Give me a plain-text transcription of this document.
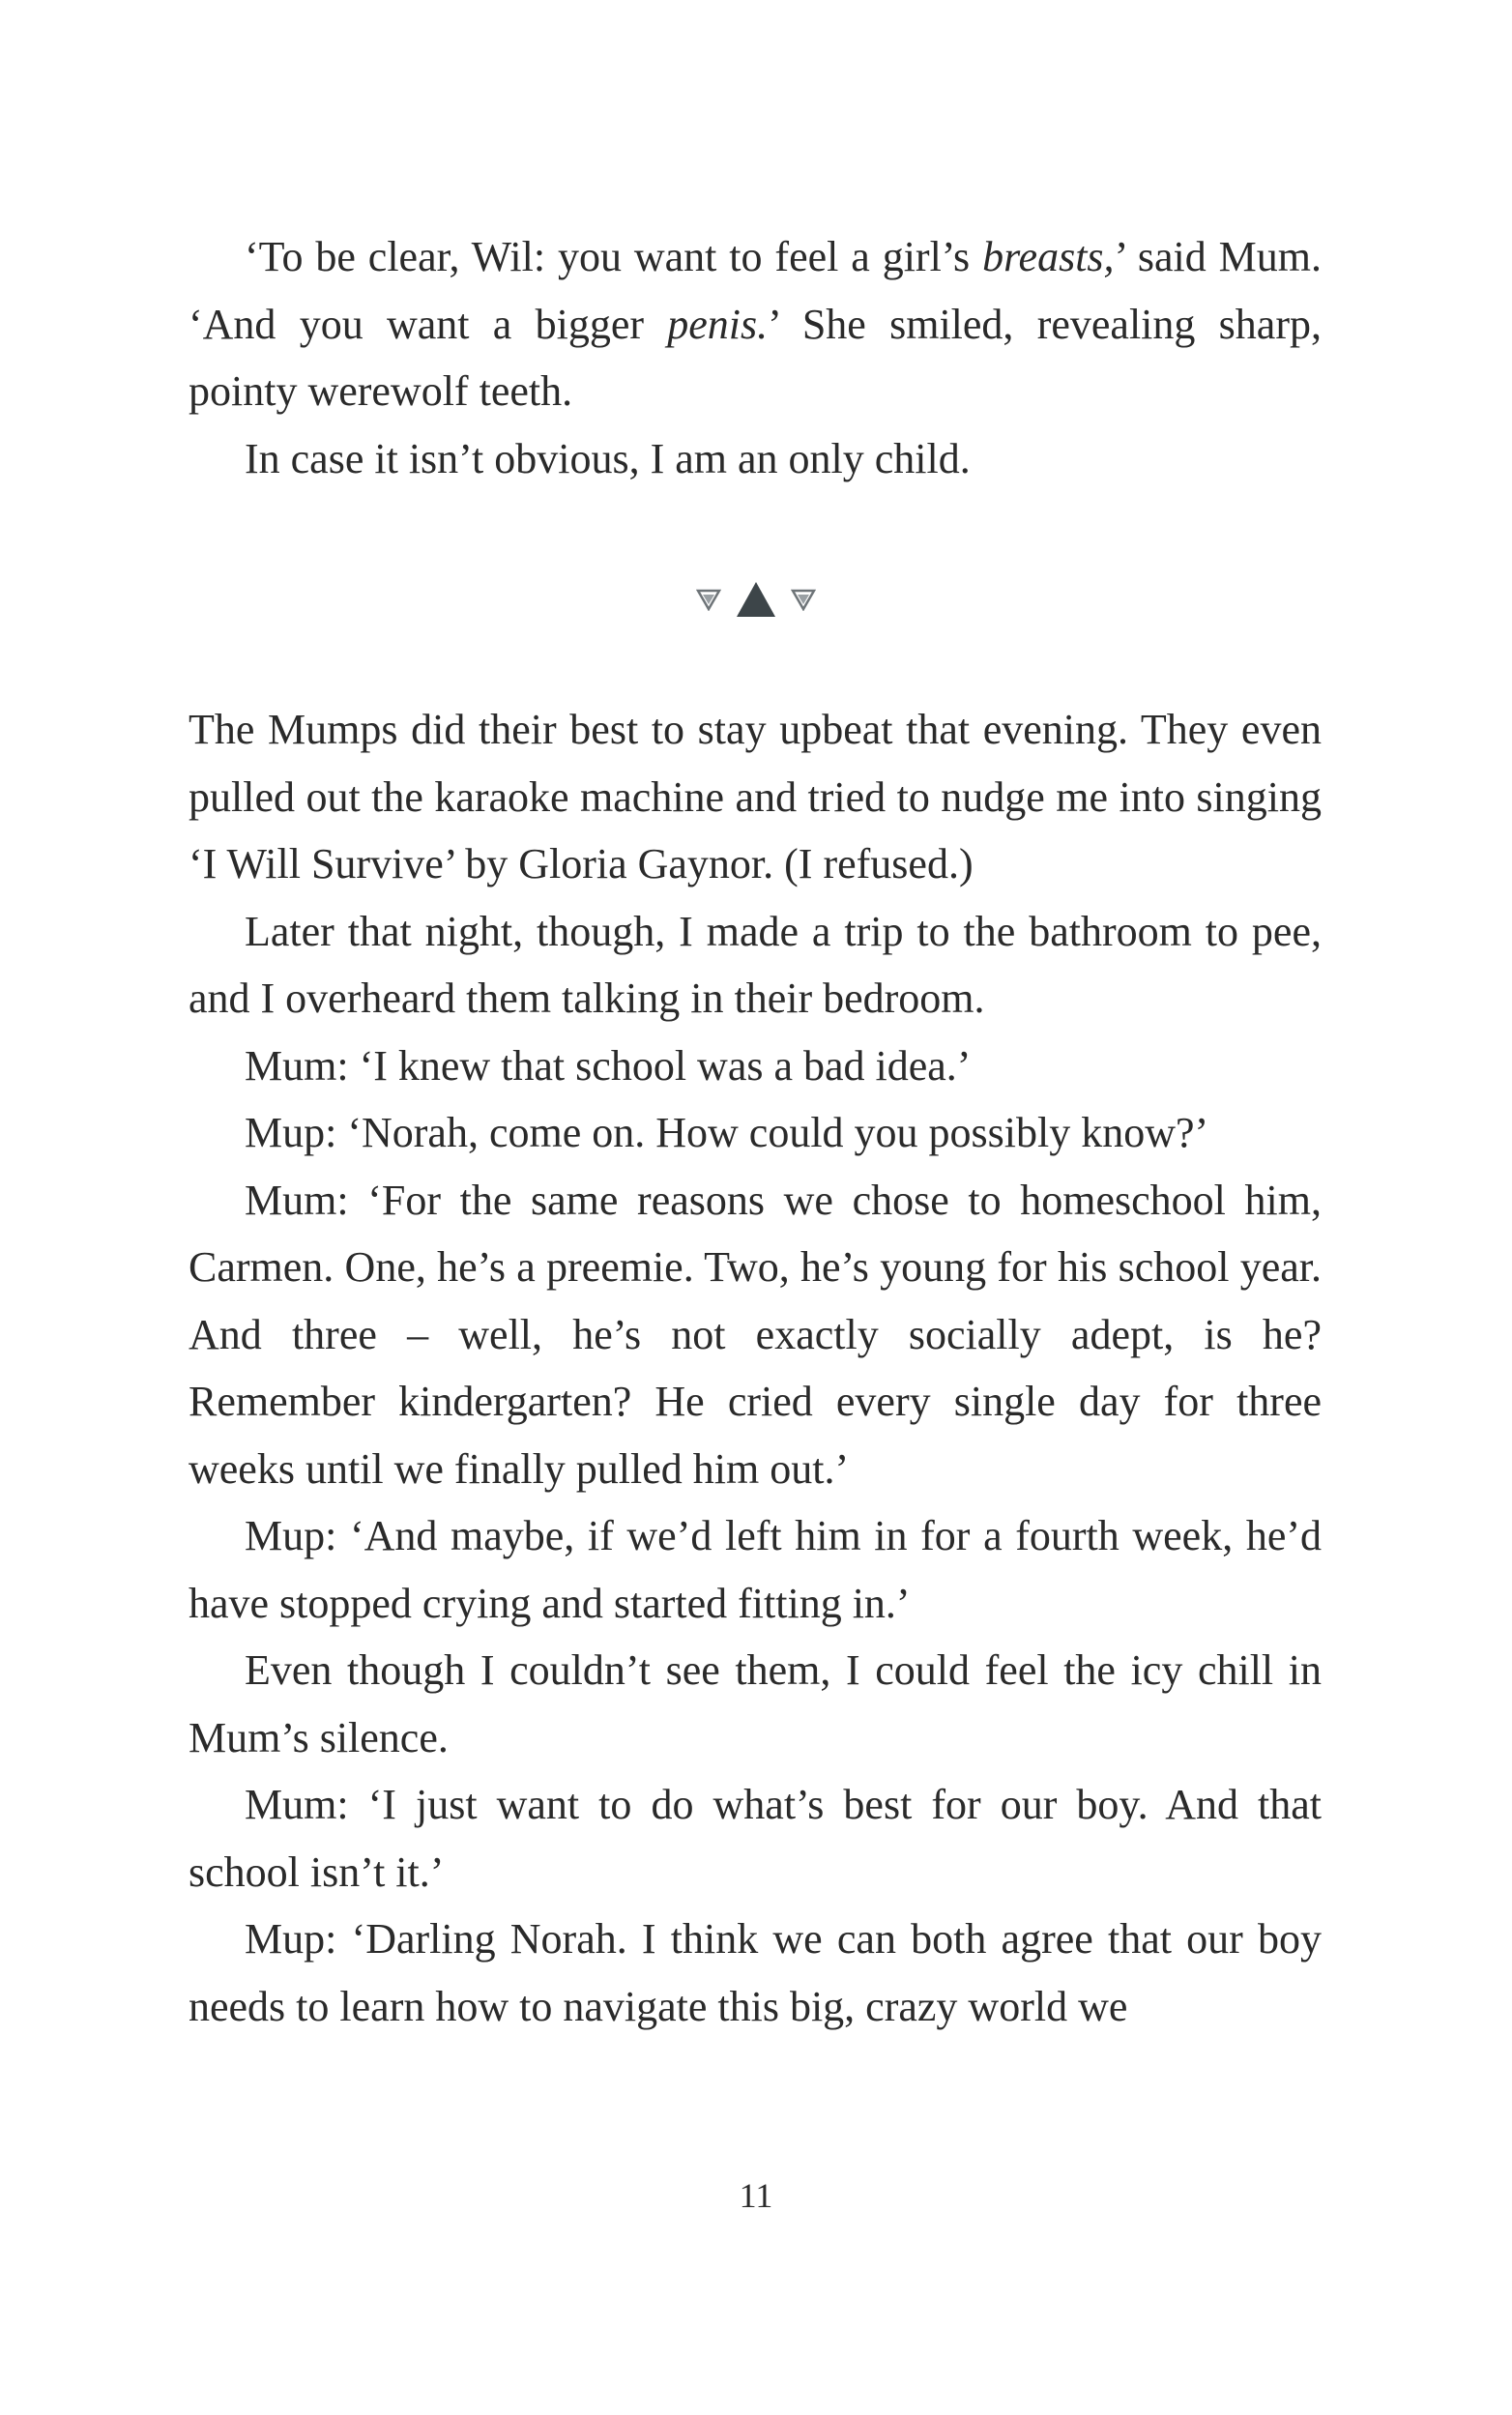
‘To be clear, Wil: you want to feel a girl’s breasts,’ said Mum. ‘And you want a bigger penis.’ She smiled, revealing sharp, pointy werewolf teeth.

In case it isn’t obvious, I am an only child.

The Mumps did their best to stay upbeat that evening. They even pulled out the karaoke machine and tried to nudge me into singing ‘I Will Survive’ by Gloria Gaynor. (I refused.)

Later that night, though, I made a trip to the bathroom to pee, and I overheard them talking in their bedroom.

Mum: ‘I knew that school was a bad idea.’

Mup: ‘Norah, come on. How could you possibly know?’

Mum: ‘For the same reasons we chose to homeschool him, Carmen. One, he’s a preemie. Two, he’s young for his school year. And three – well, he’s not exactly socially adept, is he? Remember kindergarten? He cried every single day for three weeks until we finally pulled him out.’

Mup: ‘And maybe, if we’d left him in for a fourth week, he’d have stopped crying and started fitting in.’

Even though I couldn’t see them, I could feel the icy chill in Mum’s silence.

Mum: ‘I just want to do what’s best for our boy. And that school isn’t it.’

Mup: ‘Darling Norah. I think we can both agree that our boy needs to learn how to navigate this big, crazy world we

11
